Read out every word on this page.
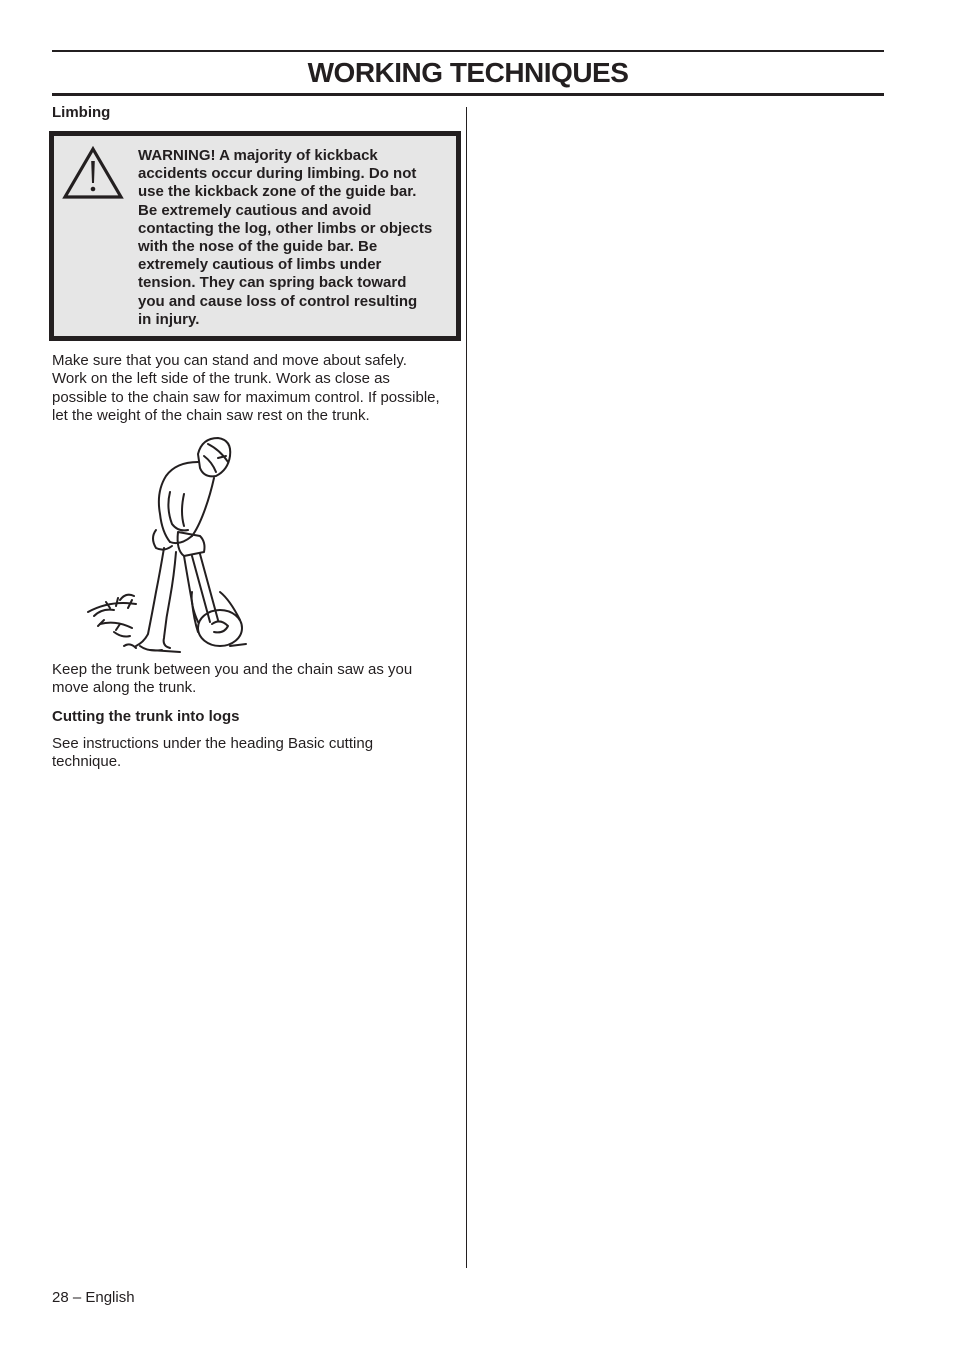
WORKING TECHNIQUES
Limbing

WARNING! A majority of kickback
accidents occur during limbing. Do not
use the kickback zone of the guide bar.
Be extremely cautious and avoid
contacting the log, other limbs or objects
with the nose of the guide bar. Be
extremely cautious of limbs under
tension. They can spring back toward
you and cause loss of control resulting
in injury.

Make sure that you can stand and move about safely.
Work on the left side of the trunk. Work as close as
possible to the chain saw for maximum control. If possible,
let the weight of the chain saw rest on the trunk.

Keep the trunk between you and the chain saw as you
move along the trunk.

Cutting the trunk into logs

See instructions under the heading Basic cutting
technique.

28 – English
